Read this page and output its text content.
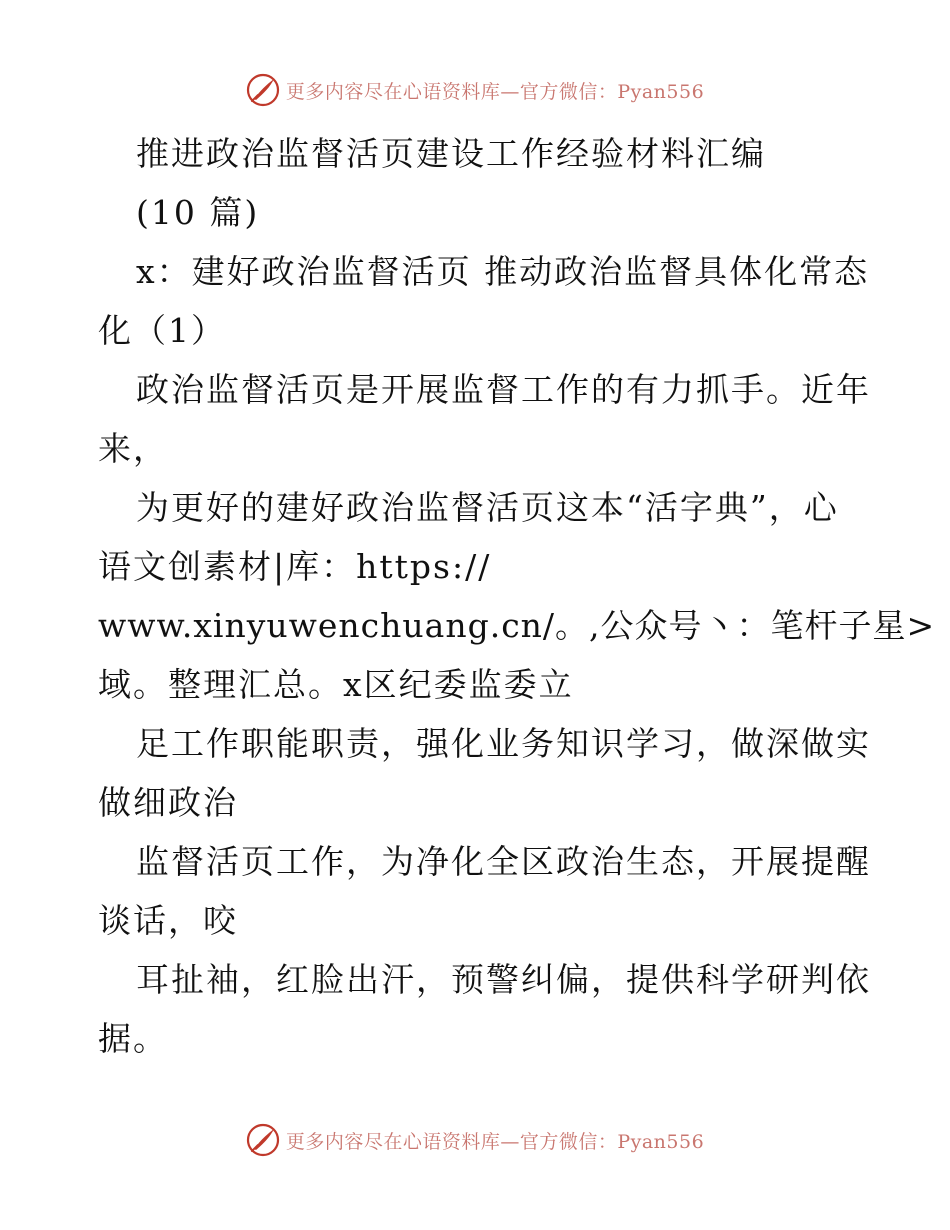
更多内容尽在心语资料库—官方微信：Pyan556
推进政治监督活页建设工作经验材料汇编
(10 篇)
x：建好政治监督活页 推动政治监督具体化常态
化（1）
政治监督活页是开展监督工作的有力抓手。近年
来，
为更好的建好政治监督活页这本“活字典”，心
语文创素材|库：https://
www.xinyuwenchuang.cn/。,公众号丶：笔杆子星>
域。整理汇总。x区纪委监委立
足工作职能职责，强化业务知识学习，做深做实
做细政治
监督活页工作，为净化全区政治生态，开展提醒
谈话，咬
耳扯袖，红脸出汗，预警纠偏，提供科学研判依
据。
更多内容尽在心语资料库—官方微信：Pyan556
